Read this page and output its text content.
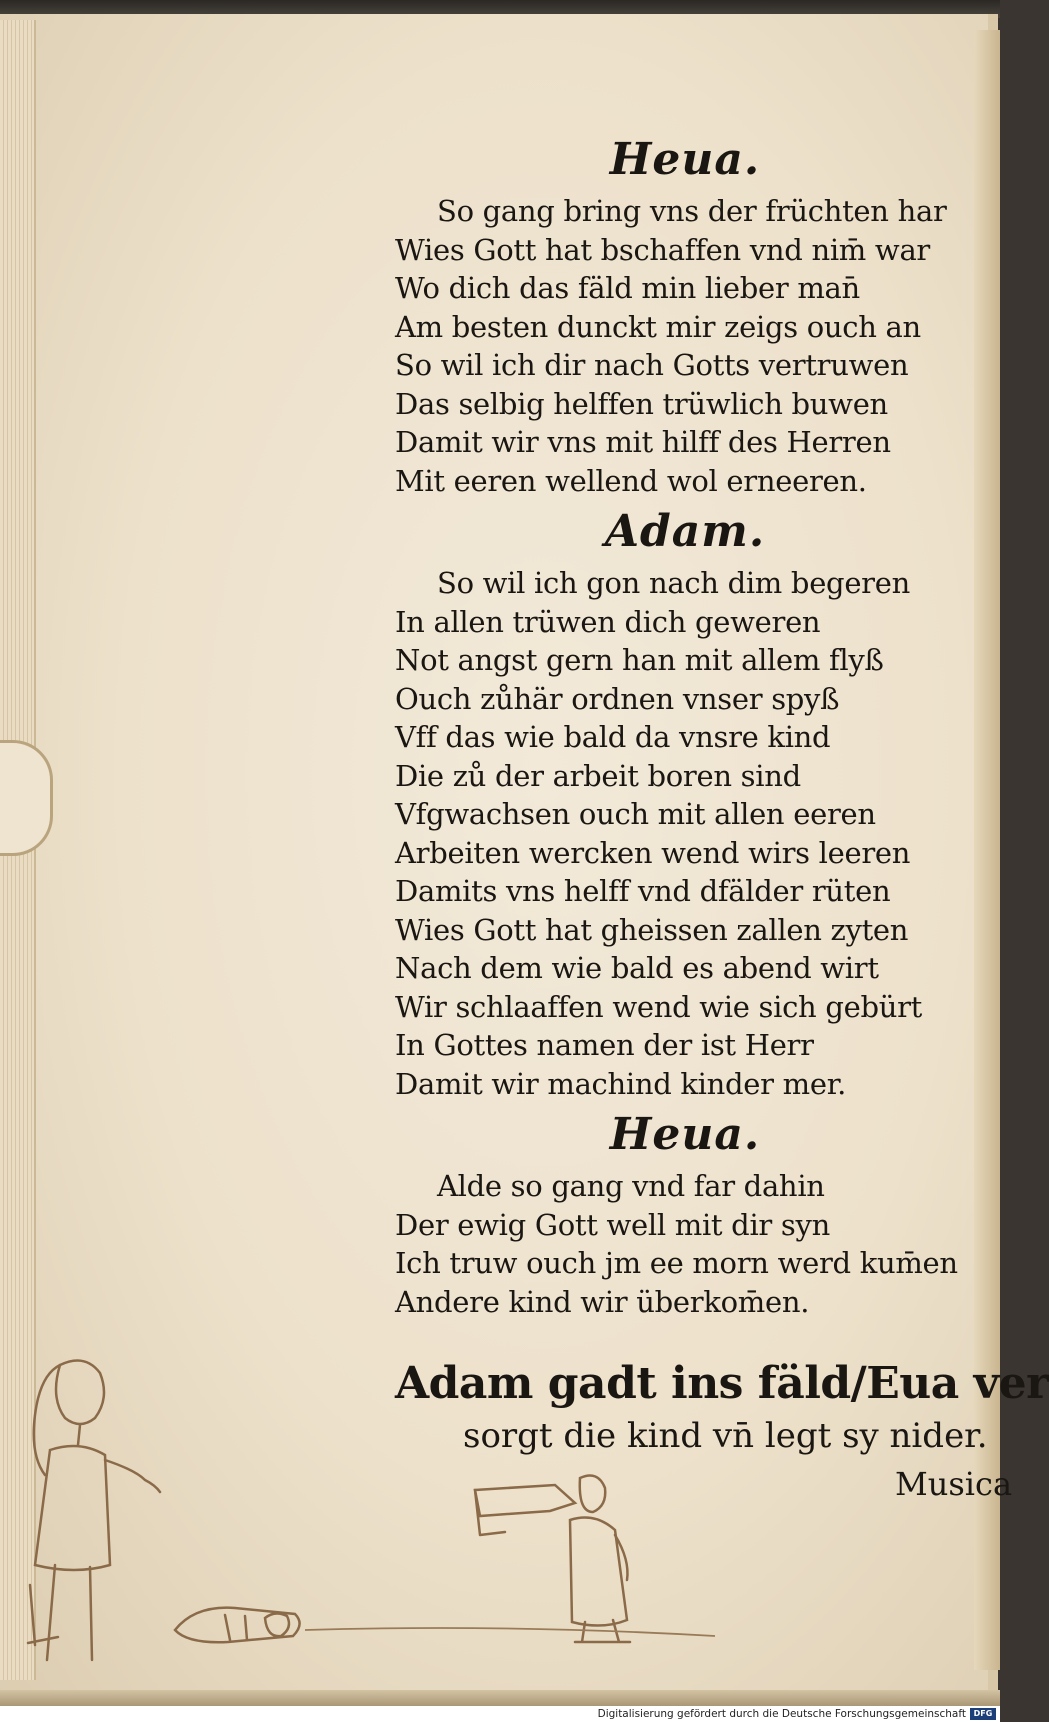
Heua.
So gang bring vns der früchten har
Wies Gott hat bschaffen vnd nim̄ war
Wo dich das fäld min lieber man̄
Am besten dunckt mir zeigs ouch an
So wil ich dir nach Gotts vertruwen
Das selbig helffen trüwlich buwen
Damit wir vns mit hilff des Herren
Mit eeren wellend wol erneeren.
Adam.
So wil ich gon nach dim begeren
In allen trüwen dich geweren
Not angst gern han mit allem flyß
Ouch zůhär ordnen vnser spyß
Vff das wie bald da vnsre kind
Die zů der arbeit boren sind
Vfgwachsen ouch mit allen eeren
Arbeiten wercken wend wirs leeren
Damits vns helff vnd dfälder rüten
Wies Gott hat gheissen zallen zyten
Nach dem wie bald es abend wirt
Wir schlaaffen wend wie sich gebürt
In Gottes namen der ist Herr
Damit wir machind kinder mer.
Heua.
Alde so gang vnd far dahin
Der ewig Gott well mit dir syn
Ich truw ouch jm ee morn werd kum̄en
Andere kind wir überkom̄en.
Adam gadt ins fäld/Eua ver
sorgt die kind vn̄ legt sy nider.
Musica
Digitalisierung gefördert durch die Deutsche Forschungsgemeinschaft DFG
